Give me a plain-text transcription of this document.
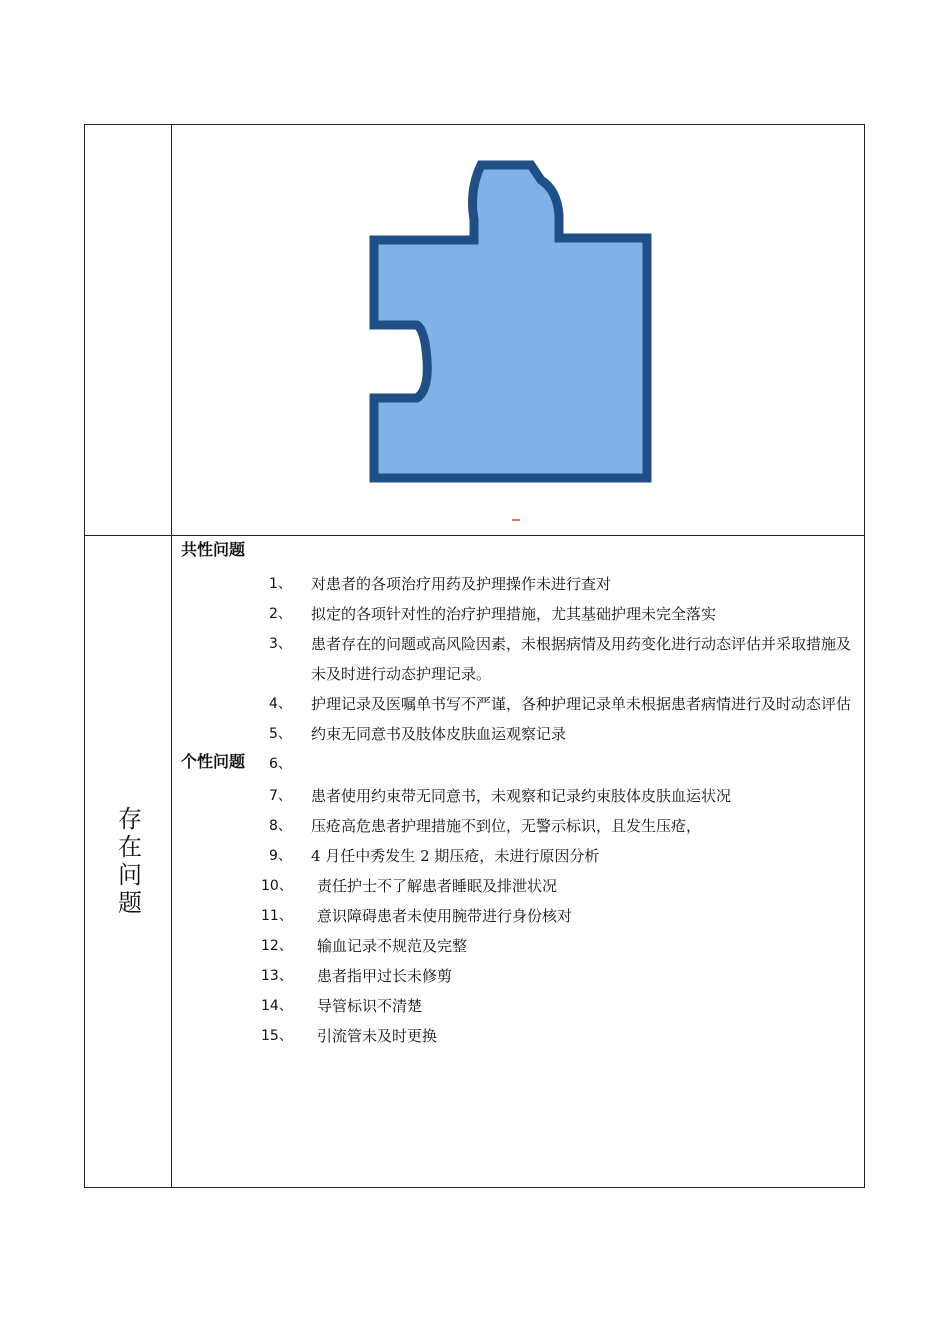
存在问题
共性问题
1、	对患者的各项治疗用药及护理操作未进行查对
2、	拟定的各项针对性的治疗护理措施，尤其基础护理未完全落实
3、	患者存在的问题或高风险因素，未根据病情及用药变化进行动态评估并采取措施及未及时进行动态护理记录。
4、	护理记录及医嘱单书写不严谨，各种护理记录单未根据患者病情进行及时动态评估
5、	约束无同意书及肢体皮肤血运观察记录
6、
个性问题
7、	患者使用约束带无同意书，未观察和记录约束肢体皮肤血运状况
8、	压疮高危患者护理措施不到位，无警示标识，且发生压疮，
9、	4 月任中秀发生 2 期压疮，未进行原因分析
10、	责任护士不了解患者睡眠及排泄状况
11、	意识障碍患者未使用腕带进行身份核对
12、	输血记录不规范及完整
13、	患者指甲过长未修剪
14、	导管标识不清楚
15、	引流管未及时更换
